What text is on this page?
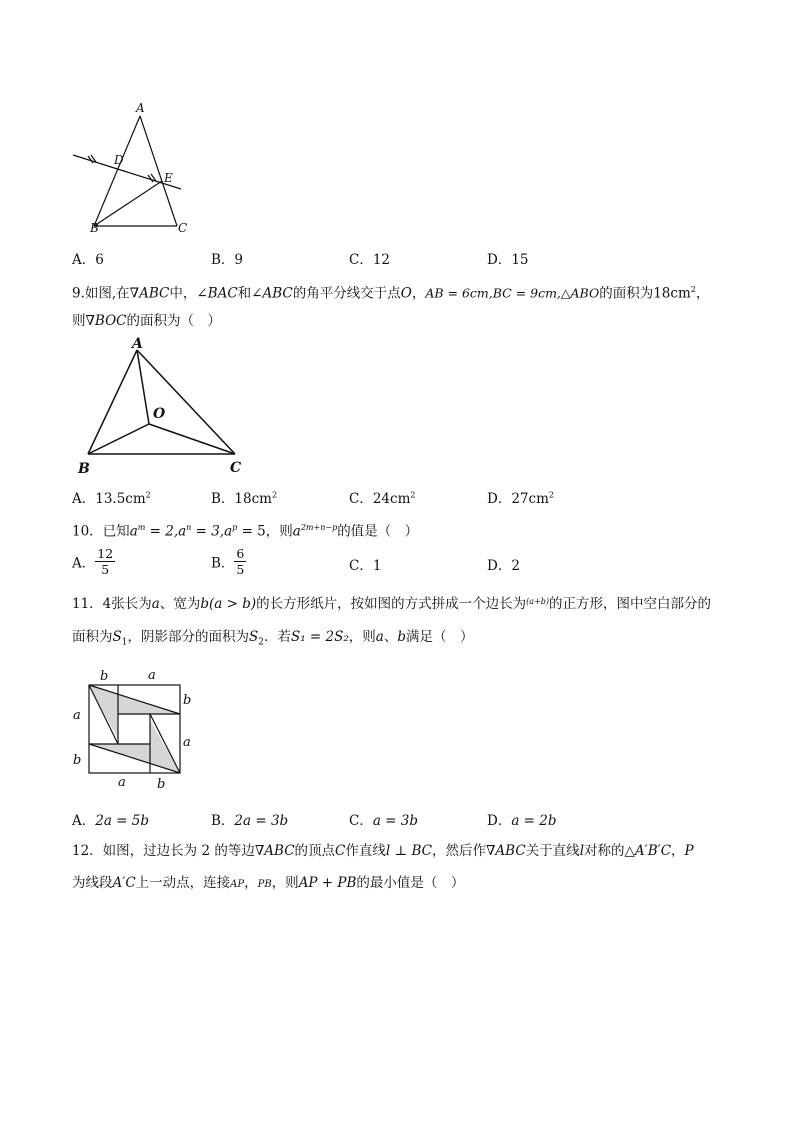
A
D
E
B	C
A．6	B．9	C．12	D．15
9.如图,在∇ABC中，∠BAC和∠ABC的角平分线交于点O，AB = 6cm,BC = 9cm,△ABO的面积为$18cm^2$，
则∇BOC的面积为（　）
A
O
B	C
A．$13.5cm^2$	B．$18cm^2$	C．$24cm^2$	D．$27cm^2$
10．已知$a^m = 2,a^n = 3,a^p = 5$，则$a^{2m+n-p}$的值是（　）
A． $\frac{12}{5}$	B． $\frac{6}{5}$	C．1	D．2
11．4张长为a、宽为b(a > b)的长方形纸片，按如图的方式拼成一个边长为$^{(a+b)}$的正方形，图中空白部分的
面积为$S_1$，阴影部分的面积为$S_2$．若S₁ = 2S₂，则a、b满足（　）
b	a
b
a
a
b
a b
A．2a = 5b	B．2a = 3b	C．a = 3b	D．a = 2b
12．如图，过边长为 2 的等边∇ABC的顶点C作直线l ⊥ BC，然后作∇ABC关于直线l对称的△A′B′C，P
为线段A′C上一动点，连接AP，PB，则AP + PB的最小值是（　）
